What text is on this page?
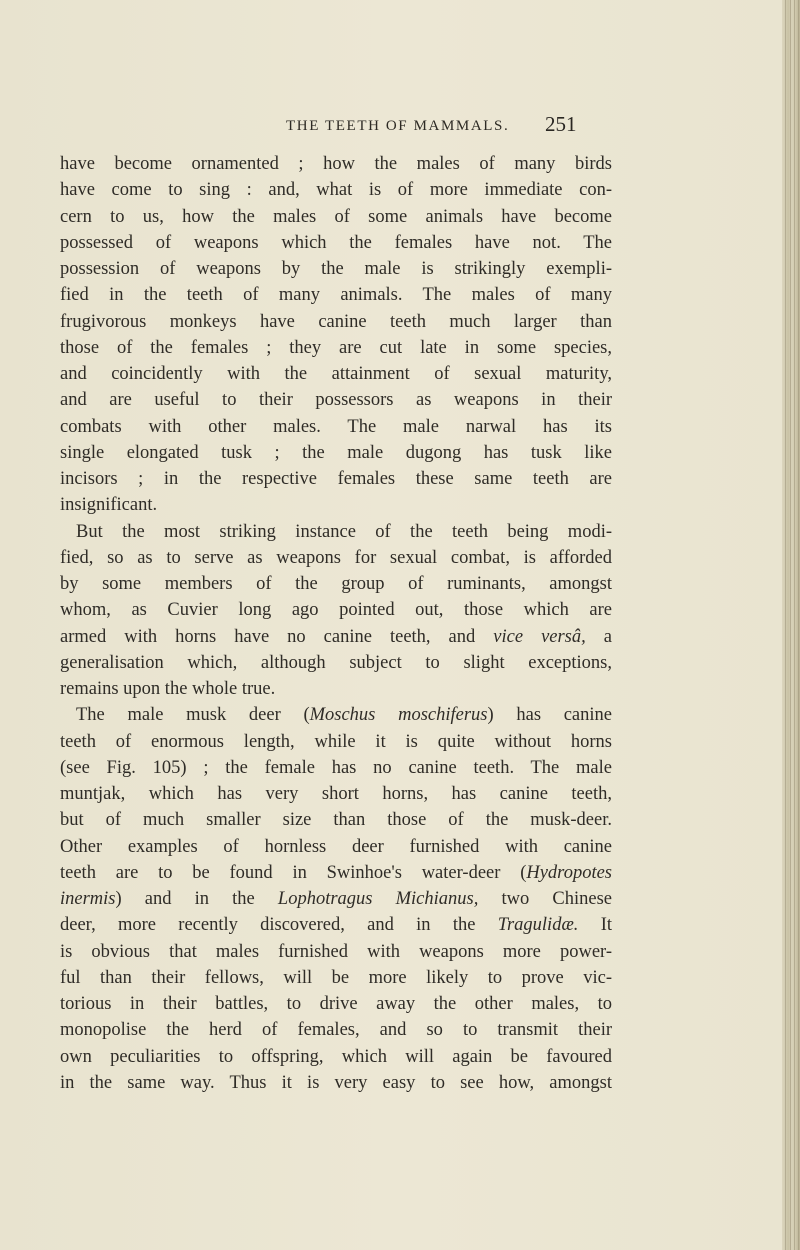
THE TEETH OF MAMMALS. 251
have become ornamented ; how the males of many birds
have come to sing : and, what is of more immediate con-
cern to us, how the males of some animals have become
possessed of weapons which the females have not. The
possession of weapons by the male is strikingly exempli-
fied in the teeth of many animals. The males of many
frugivorous monkeys have canine teeth much larger than
those of the females ; they are cut late in some species,
and coincidently with the attainment of sexual maturity,
and are useful to their possessors as weapons in their
combats with other males. The male narwal has its
single elongated tusk ; the male dugong has tusk like
incisors ; in the respective females these same teeth are
insignificant.
But the most striking instance of the teeth being modi-
fied, so as to serve as weapons for sexual combat, is afforded
by some members of the group of ruminants, amongst
whom, as Cuvier long ago pointed out, those which are
armed with horns have no canine teeth, and vice versâ, a
generalisation which, although subject to slight exceptions,
remains upon the whole true.
The male musk deer (Moschus moschiferus) has canine
teeth of enormous length, while it is quite without horns
(see Fig. 105) ; the female has no canine teeth. The male
muntjak, which has very short horns, has canine teeth,
but of much smaller size than those of the musk-deer.
Other examples of hornless deer furnished with canine
teeth are to be found in Swinhoe's water-deer (Hydropotes
inermis) and in the Lophotragus Michianus, two Chinese
deer, more recently discovered, and in the Tragulidæ. It
is obvious that males furnished with weapons more power-
ful than their fellows, will be more likely to prove vic-
torious in their battles, to drive away the other males, to
monopolise the herd of females, and so to transmit their
own peculiarities to offspring, which will again be favoured
in the same way. Thus it is very easy to see how, amongst
